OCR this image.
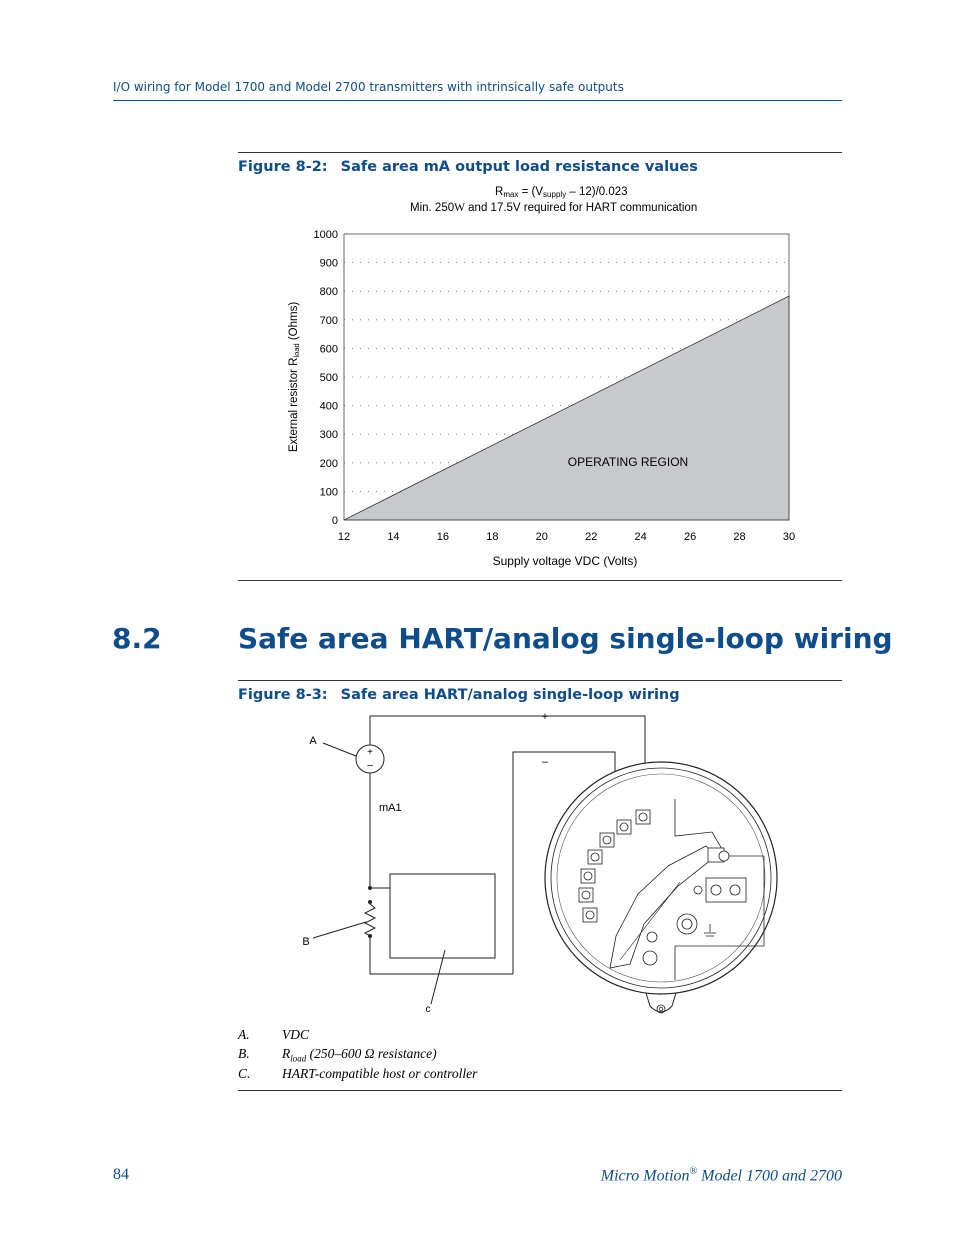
I/O wiring for Model 1700 and Model 2700 transmitters with intrinsically safe outputs
Figure 8-2: Safe area mA output load resistance values
Rmax = (Vsupply – 12)/0.023
Min. 250W and 17.5V required for HART communication
0
100
200
300
400
500
600
700
800
900
1000
12	14	16	18	20	22	24	26	28	30
OPERATING REGION
Supply voltage VDC (Volts)
External resistor Rload (Ohms)
8.2	Safe area HART/analog single-loop wiring
Figure 8-3: Safe area HART/analog single-loop wiring
+
–
+
–
A
B
c
mA1
A. VDC
B. $R_{load}$ (250–600 Ω resistance)
C. HART-compatible host or controller
84	Micro Motion® Model 1700 and 2700
